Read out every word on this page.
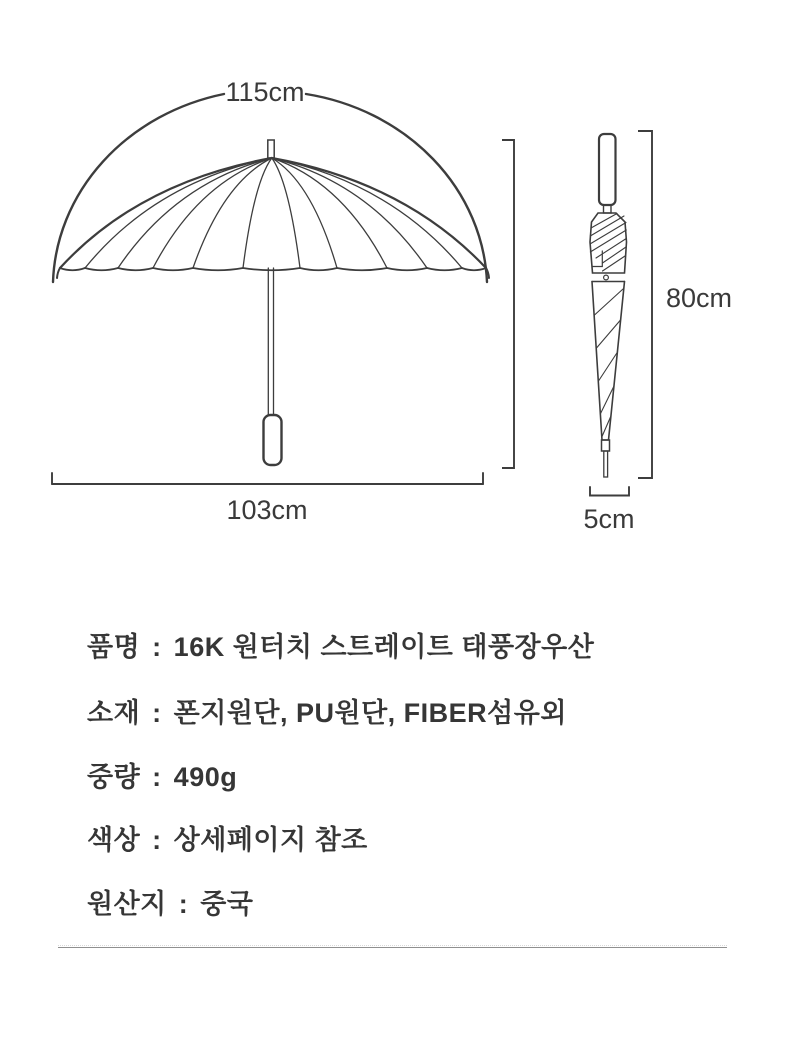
115cm
103cm
80cm
5cm
품명 : 16K 원터치 스트레이트 태풍장우산
소재 : 폰지원단, PU원단, FIBER섬유외
중량 : 490g
색상 : 상세페이지 참조
원산지 : 중국
